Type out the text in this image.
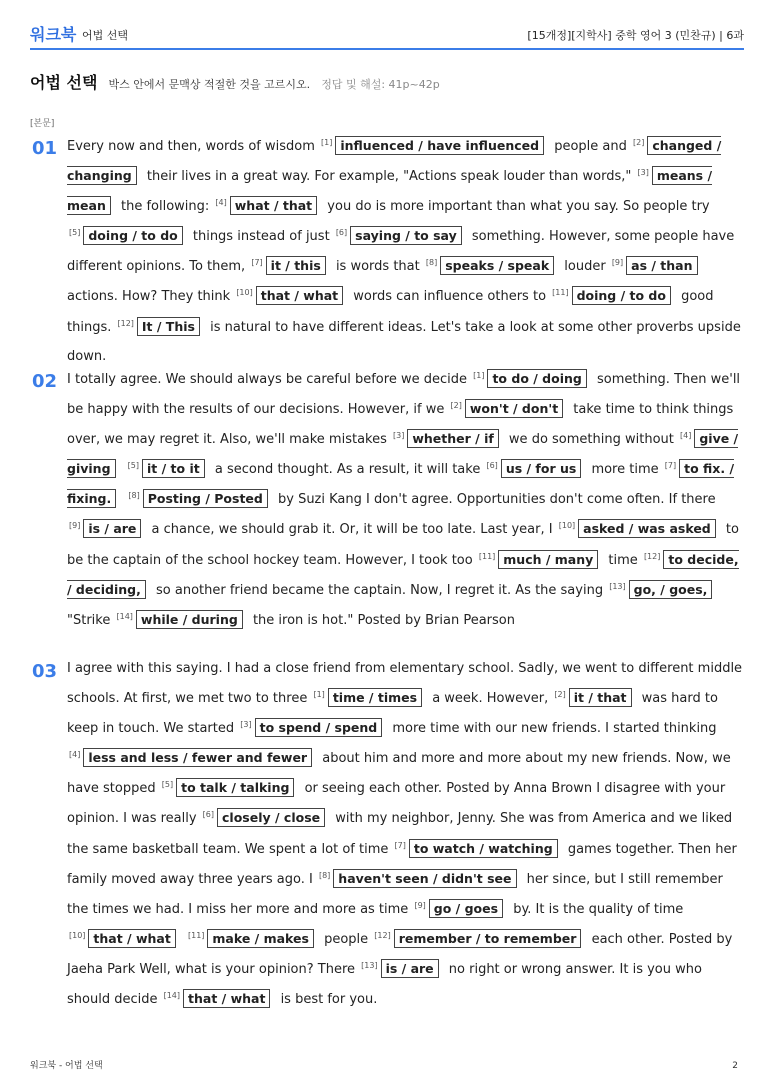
워크북 어법 선택	[15개정][지학사] 중학 영어 3 (민찬규) | 6과
어법 선택 박스 안에서 문맥상 적절한 것을 고르시오. 정답 및 해설: 41p~42p
[본문]
01 Every now and then, words of wisdom [1] influenced / have influenced people and [2] changed / changing their lives in a great way. For example, "Actions speak louder than words," [3] means / mean the following: [4] what / that you do is more important than what you say. So people try [5] doing / to do things instead of just [6] saying / to say something. However, some people have different opinions. To them, [7] it / this is words that [8] speaks / speak louder [9] as / than actions. How? They think [10] that / what words can influence others to [11] doing / to do good things. [12] It / This is natural to have different ideas. Let's take a look at some other proverbs upside down.
02 I totally agree. We should always be careful before we decide [1] to do / doing something. Then we'll be happy with the results of our decisions. However, if we [2] won't / don't take time to think things over, we may regret it. Also, we'll make mistakes [3] whether / if we do something without [4] give / giving [5] it / to it a second thought. As a result, it will take [6] us / for us more time [7] to fix. / fixing. [8] Posting / Posted by Suzi Kang I don't agree. Opportunities don't come often. If there [9] is / are a chance, we should grab it. Or, it will be too late. Last year, I [10] asked / was asked to be the captain of the school hockey team. However, I took too [11] much / many time [12] to decide, / deciding, so another friend became the captain. Now, I regret it. As the saying [13] go, / goes, "Strike [14] while / during the iron is hot." Posted by Brian Pearson
03 I agree with this saying. I had a close friend from elementary school. Sadly, we went to different middle schools. At first, we met two to three [1] time / times a week. However, [2] it / that was hard to keep in touch. We started [3] to spend / spend more time with our new friends. I started thinking [4] less and less / fewer and fewer about him and more and more about my new friends. Now, we have stopped [5] to talk / talking or seeing each other. Posted by Anna Brown I disagree with your opinion. I was really [6] closely / close with my neighbor, Jenny. She was from America and we liked the same basketball team. We spent a lot of time [7] to watch / watching games together. Then her family moved away three years ago. I [8] haven't seen / didn't see her since, but I still remember the times we had. I miss her more and more as time [9] go / goes by. It is the quality of time [10] that / what [11] make / makes people [12] remember / to remember each other. Posted by Jaeha Park Well, what is your opinion? There [13] is / are no right or wrong answer. It is you who should decide [14] that / what is best for you.
워크북 - 어법 선택	2
